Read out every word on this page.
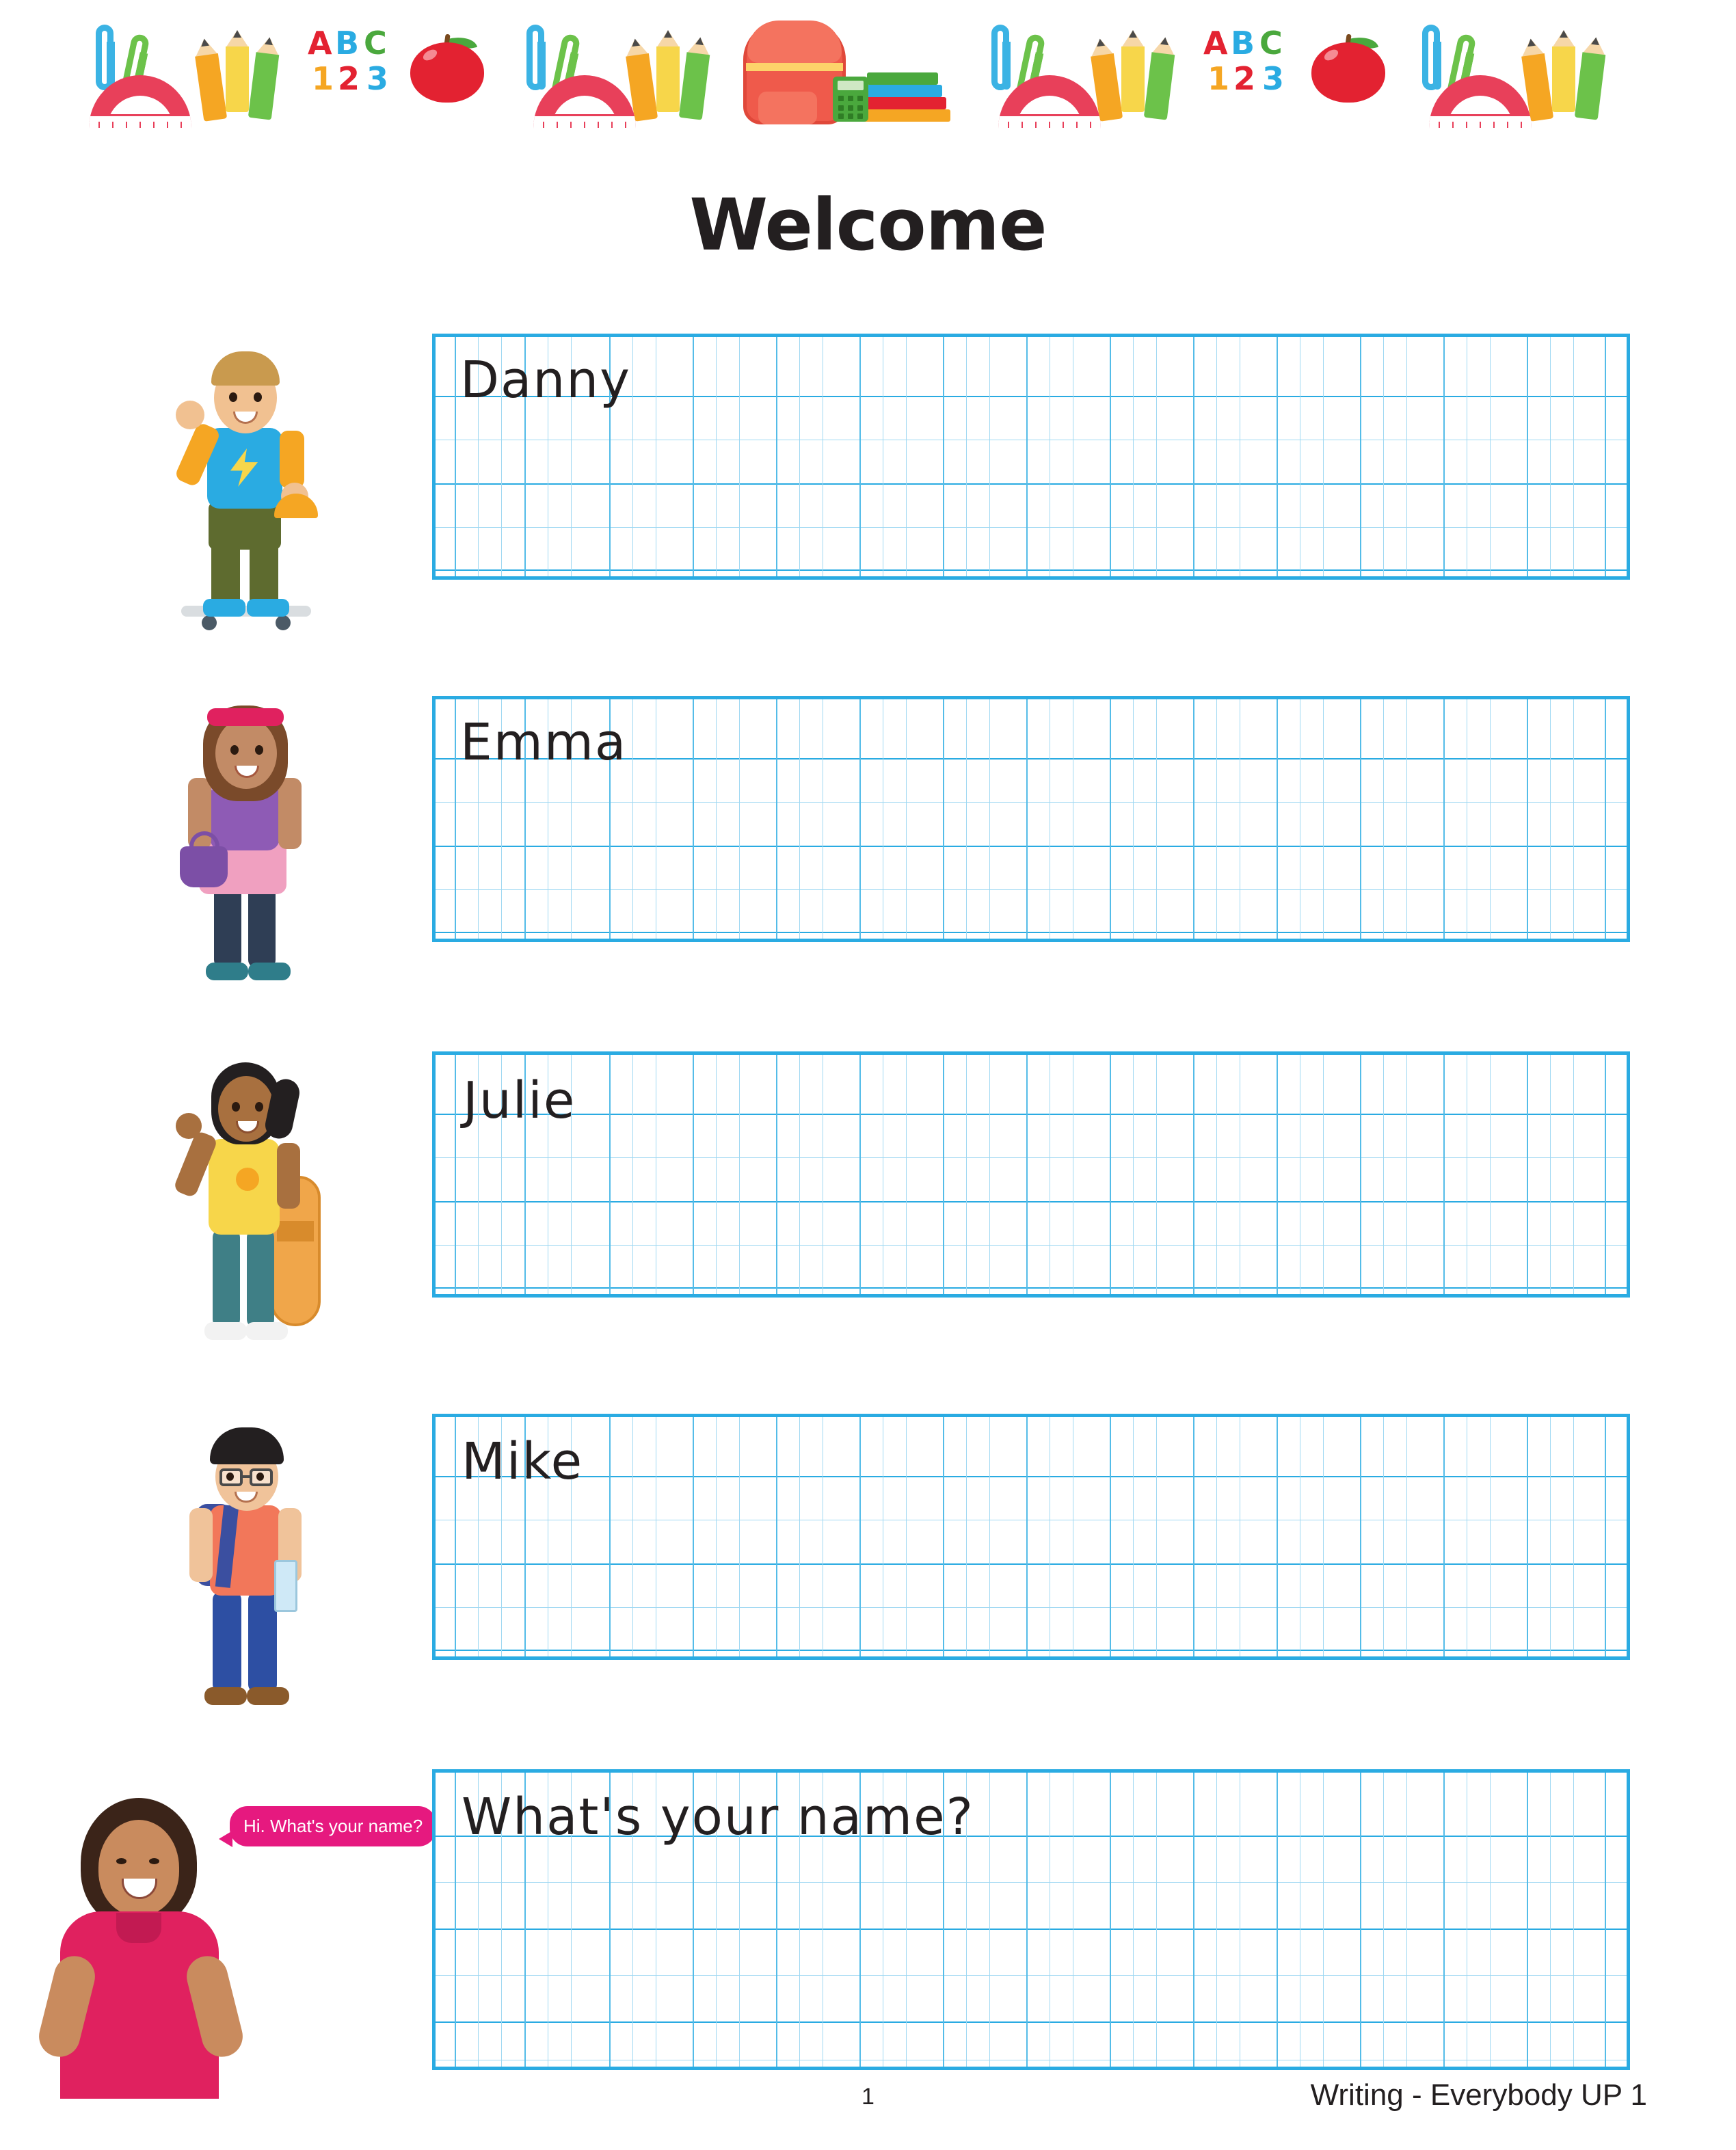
A B C
1 2 3
A B C
1 2 3
Welcome
Danny
Emma
Julie
Mike
Hi. What's your name? What's your name?
1	Writing - Everybody UP 1
